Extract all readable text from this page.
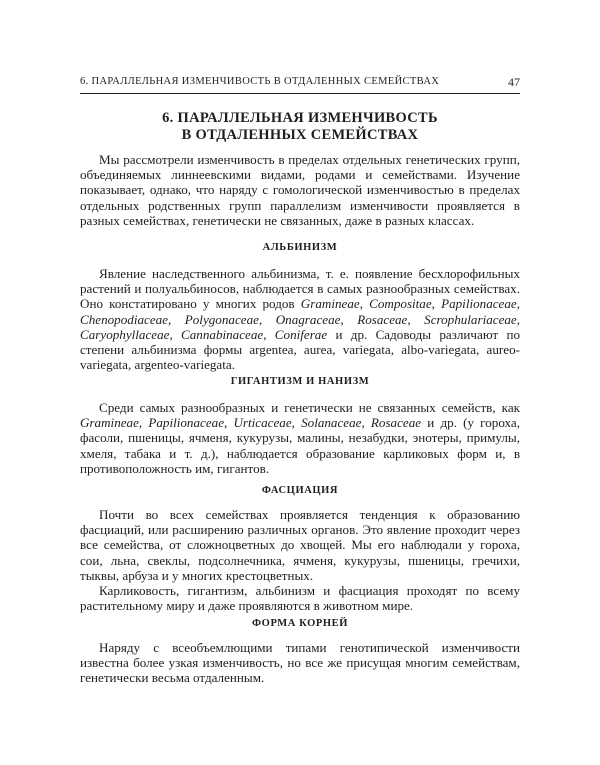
6. ПАРАЛЛЕЛЬНАЯ ИЗМЕНЧИВОСТЬ В ОТДАЛЕННЫХ СЕМЕЙСТВАХ	47
6. ПАРАЛЛЕЛЬНАЯ ИЗМЕНЧИВОСТЬ
В ОТДАЛЕННЫХ СЕМЕЙСТВАХ

Мы рассмотрели изменчивость в пределах отдельных генетических групп, объединяемых линнеевскими видами, родами и семействами. Изучение показывает, однако, что наряду с гомологической изменчивостью в пределах отдельных родственных групп параллелизм изменчивости проявляется в разных семействах, генетически не связанных, даже в разных классах.

АЛЬБИНИЗМ

Явление наследственного альбинизма, т. е. появление бесхлорофильных растений и полуальбиносов, наблюдается в самых разнообразных семействах. Оно констатировано у многих родов Gramineae, Compositae, Papilionaceae, Chenopodiaceae, Polygonaceae, Onagraceae, Rosaceae, Scrophulariaceae, Caryophyllaceae, Cannabinaceae, Coniferae и др. Садоводы различают по степени альбинизма формы argentea, aurea, variegata, albo-variegata, aureo-variegata, argenteo-variegata.

ГИГАНТИЗМ И НАНИЗМ

Среди самых разнообразных и генетически не связанных семейств, как Gramineae, Papilionaceae, Urticaceae, Solanaceae, Rosaceae и др. (у гороха, фасоли, пшеницы, ячменя, кукурузы, малины, незабудки, энотеры, примулы, хмеля, табака и т. д.), наблюдается образование карликовых форм и, в противоположность им, гигантов.

ФАСЦИАЦИЯ

Почти во всех семействах проявляется тенденция к образованию фасциаций, или расширению различных органов. Это явление проходит через все семейства, от сложноцветных до хвощей. Мы его наблюдали у гороха, сои, льна, свеклы, подсолнечника, ячменя, кукурузы, пшеницы, гречихи, тыквы, арбуза и у многих крестоцветных.

Карликовость, гигантизм, альбинизм и фасциация проходят по всему растительному миру и даже проявляются в животном мире.

ФОРМА КОРНЕЙ

Наряду с всеобъемлющими типами генотипической изменчивости известна более узкая изменчивость, но все же присущая многим семействам, генетически весьма отдаленным.
